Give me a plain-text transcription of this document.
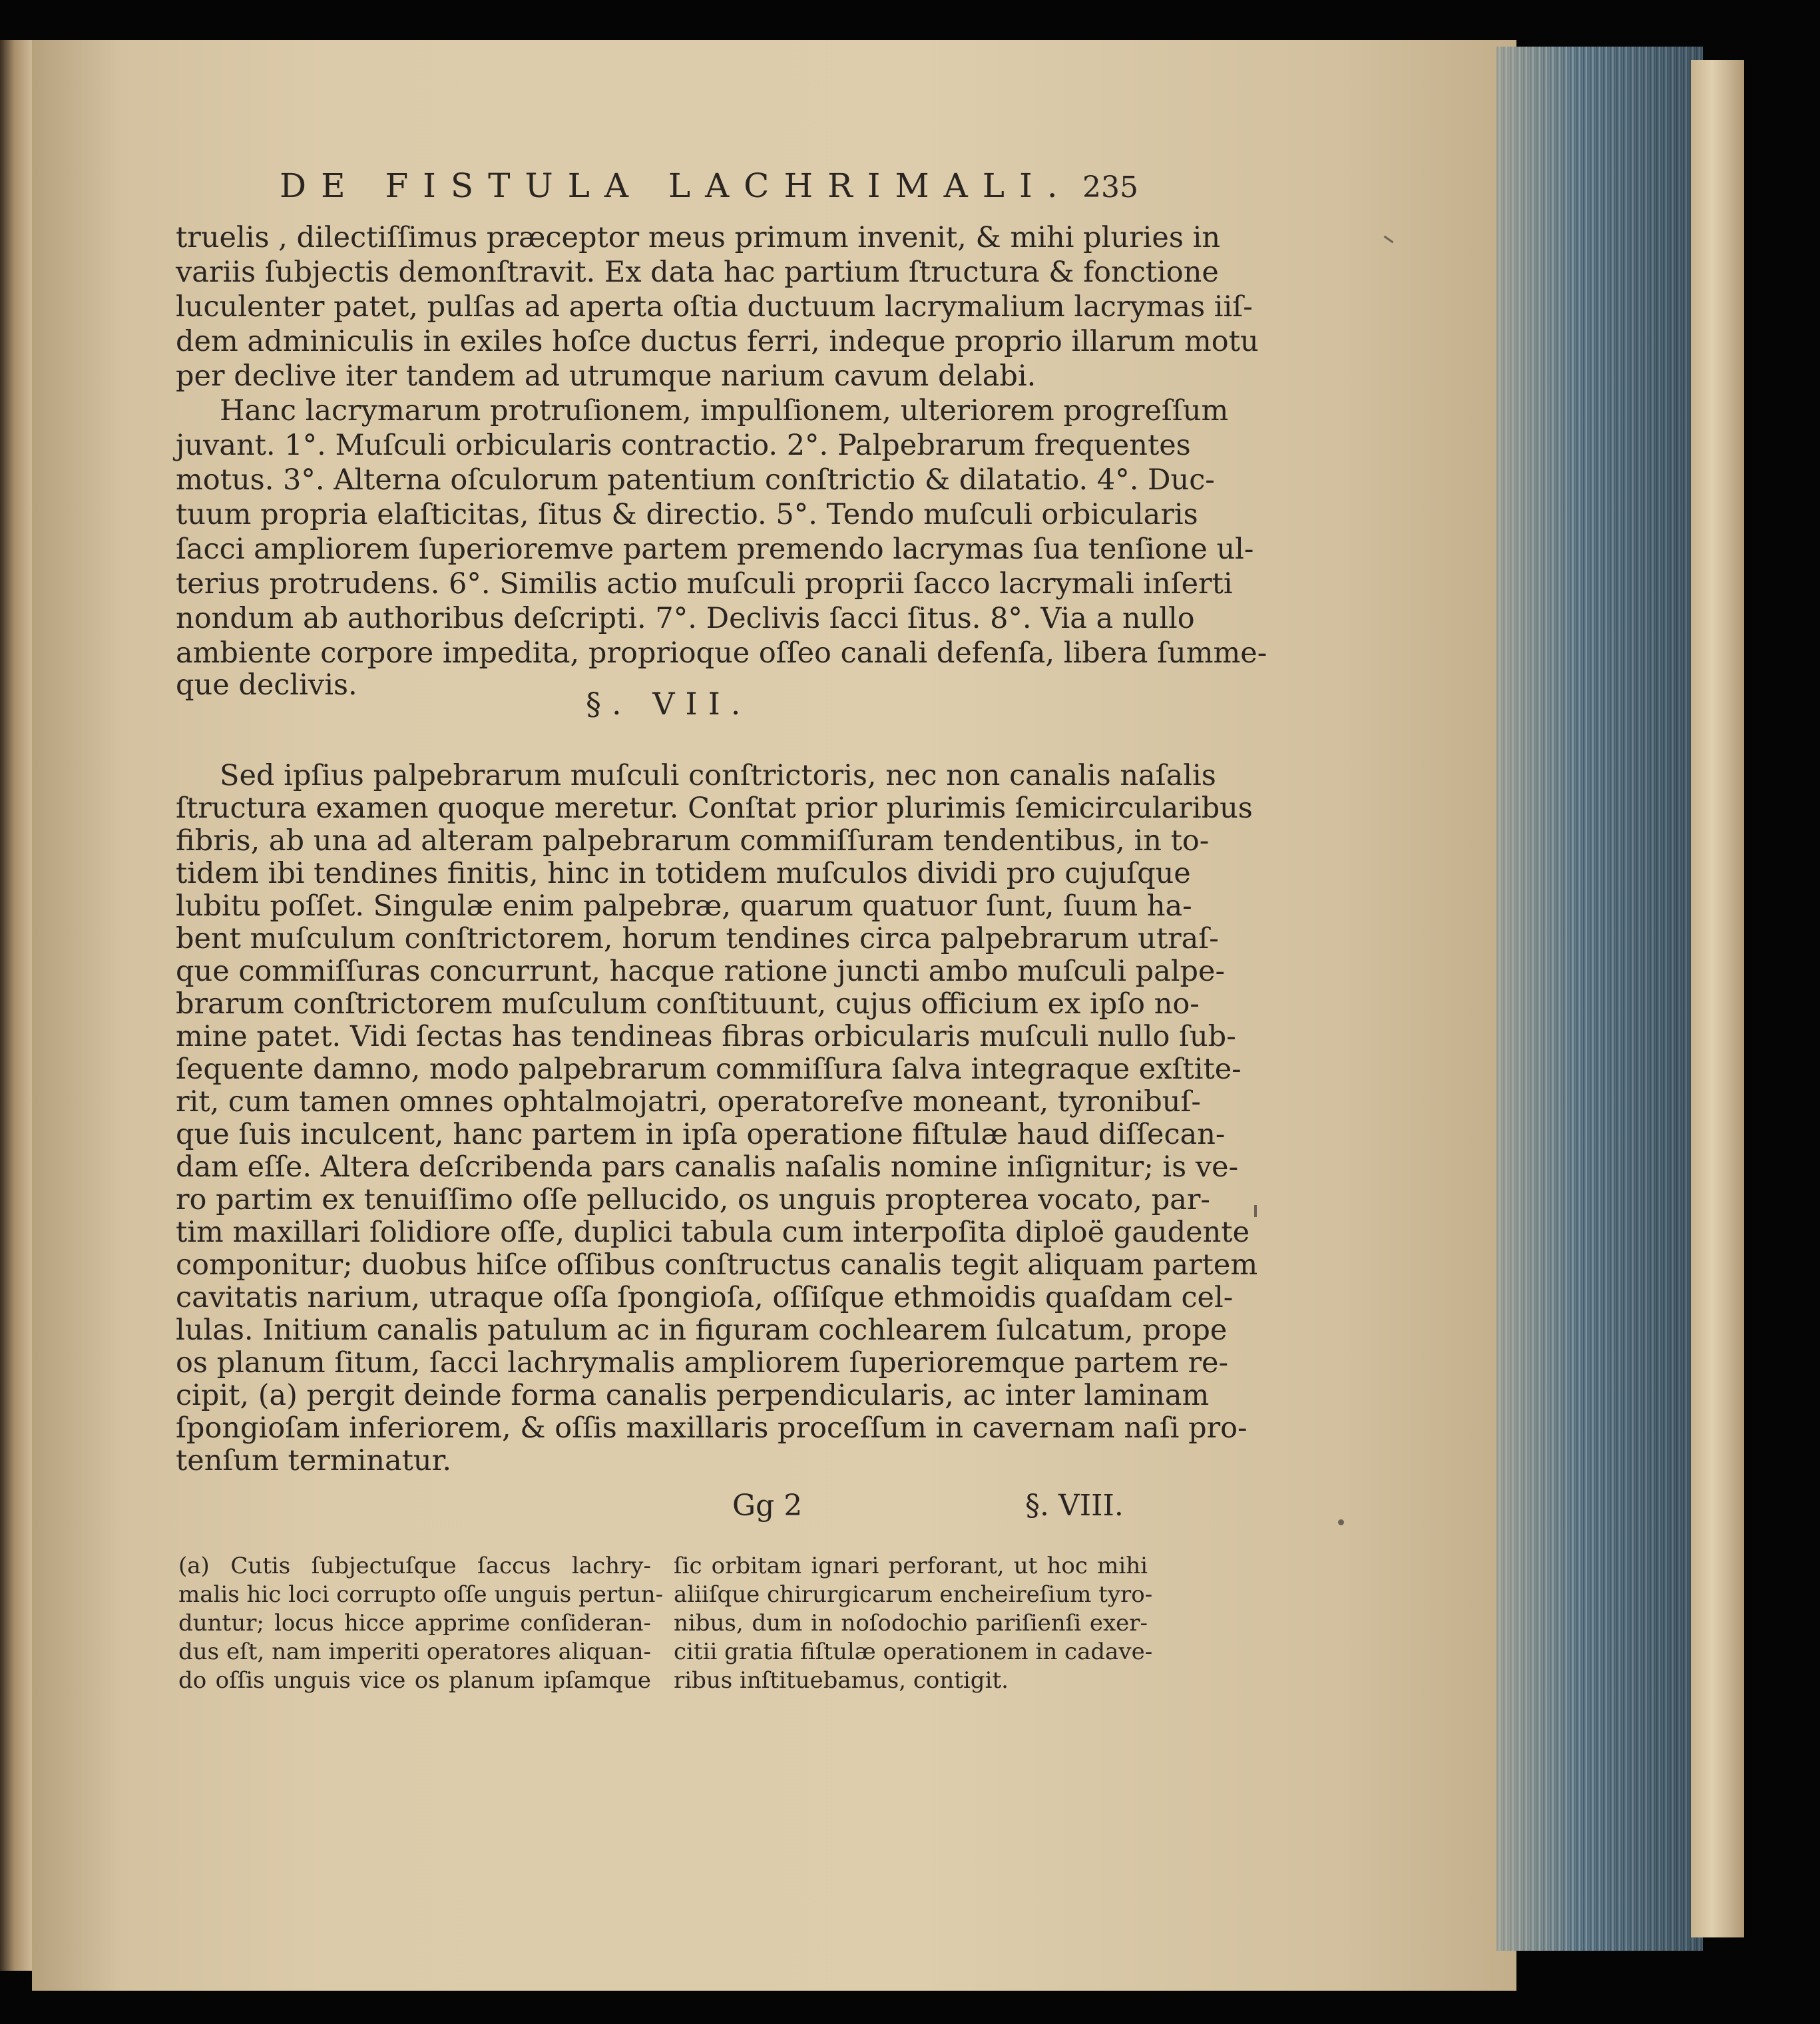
DE FISTULA LACHRIMALI. 235
truelis , dilectiſſimus præceptor meus primum invenit, & mihi pluries in
variis ſubjectis demonſtravit. Ex data hac partium ſtructura & fonctione
luculenter patet, pulſas ad aperta oſtia ductuum lacrymalium lacrymas iiſ-
dem adminiculis in exiles hoſce ductus ferri, indeque proprio illarum motu
per declive iter tandem ad utrumque narium cavum delabi.
Hanc lacrymarum protruſionem, impulſionem, ulteriorem progreſſum
juvant. 1°. Muſculi orbicularis contractio. 2°. Palpebrarum frequentes
motus. 3°. Alterna oſculorum patentium conſtrictio & dilatatio. 4°. Duc-
tuum propria elaſticitas, ſitus & directio. 5°. Tendo muſculi orbicularis
ſacci ampliorem ſuperioremve partem premendo lacrymas ſua tenſione ul-
terius protrudens. 6°. Similis actio muſculi proprii ſacco lacrymali inſerti
nondum ab authoribus deſcripti. 7°. Declivis ſacci ſitus. 8°. Via a nullo
ambiente corpore impedita, proprioque oſſeo canali defenſa, libera ſumme-
que declivis.
§. VII.
Sed ipſius palpebrarum muſculi conſtrictoris, nec non canalis naſalis
ſtructura examen quoque meretur. Conſtat prior plurimis ſemicircularibus
fibris, ab una ad alteram palpebrarum commiſſuram tendentibus, in to-
tidem ibi tendines finitis, hinc in totidem muſculos dividi pro cujuſque
lubitu poſſet. Singulæ enim palpebræ, quarum quatuor ſunt, ſuum ha-
bent muſculum conſtrictorem, horum tendines circa palpebrarum utraſ-
que commiſſuras concurrunt, hacque ratione juncti ambo muſculi palpe-
brarum conſtrictorem muſculum conſtituunt, cujus officium ex ipſo no-
mine patet. Vidi ſectas has tendineas fibras orbicularis muſculi nullo ſub-
ſequente damno, modo palpebrarum commiſſura ſalva integraque exſtite-
rit, cum tamen omnes ophtalmojatri, operatoreſve moneant, tyronibuſ-
que ſuis inculcent, hanc partem in ipſa operatione fiſtulæ haud diſſecan-
dam eſſe. Altera deſcribenda pars canalis naſalis nomine inſignitur; is ve-
ro partim ex tenuiſſimo oſſe pellucido, os unguis propterea vocato, par-
tim maxillari ſolidiore oſſe, duplici tabula cum interpoſita diploë gaudente
componitur; duobus hiſce oſſibus conſtructus canalis tegit aliquam partem
cavitatis narium, utraque oſſa ſpongioſa, oſſiſque ethmoidis quaſdam cel-
lulas. Initium canalis patulum ac in figuram cochlearem ſulcatum, prope
os planum ſitum, ſacci lachrymalis ampliorem ſuperioremque partem re-
cipit, (a) pergit deinde forma canalis perpendicularis, ac inter laminam
ſpongioſam inferiorem, & oſſis maxillaris proceſſum in cavernam naſi pro-
tenſum terminatur.
Gg 2	§. VIII.
(a) Cutis ſubjectuſque ſaccus lachry-
malis hic loci corrupto oſſe unguis pertun-
duntur; locus hicce apprime conſideran-
dus eſt, nam imperiti operatores aliquan-
do oſſis unguis vice os planum ipſamque
ſic orbitam ignari perforant, ut hoc mihi
aliiſque chirurgicarum encheireſium tyro-
nibus, dum in noſodochio pariſienſi exer-
citii gratia fiſtulæ operationem in cadave-
ribus inſtituebamus, contigit.
